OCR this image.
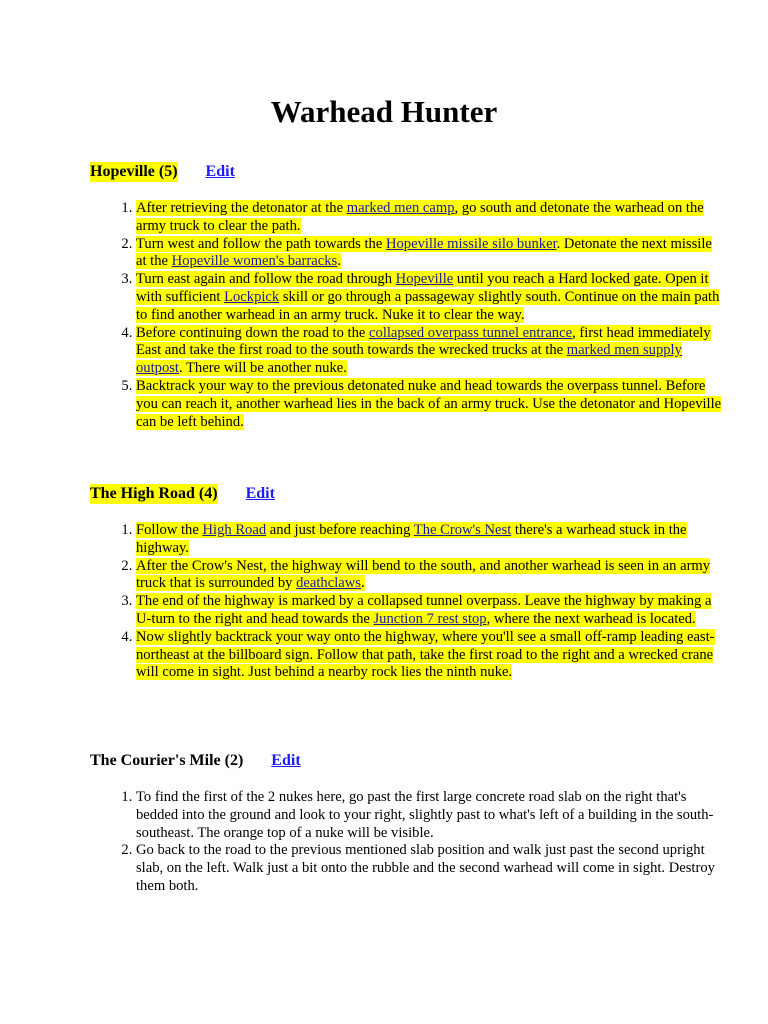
Warhead Hunter
Hopeville (5) Edit
1. After retrieving the detonator at the marked men camp, go south and detonate the warhead on the army truck to clear the path.
2. Turn west and follow the path towards the Hopeville missile silo bunker. Detonate the next missile at the Hopeville women's barracks.
3. Turn east again and follow the road through Hopeville until you reach a Hard locked gate. Open it with sufficient Lockpick skill or go through a passageway slightly south. Continue on the main path to find another warhead in an army truck. Nuke it to clear the way.
4. Before continuing down the road to the collapsed overpass tunnel entrance, first head immediately East and take the first road to the south towards the wrecked trucks at the marked men supply outpost. There will be another nuke.
5. Backtrack your way to the previous detonated nuke and head towards the overpass tunnel. Before you can reach it, another warhead lies in the back of an army truck. Use the detonator and Hopeville can be left behind.
The High Road (4) Edit
1. Follow the High Road and just before reaching The Crow's Nest there's a warhead stuck in the highway.
2. After the Crow's Nest, the highway will bend to the south, and another warhead is seen in an army truck that is surrounded by deathclaws.
3. The end of the highway is marked by a collapsed tunnel overpass. Leave the highway by making a U-turn to the right and head towards the Junction 7 rest stop, where the next warhead is located.
4. Now slightly backtrack your way onto the highway, where you'll see a small off-ramp leading east-northeast at the billboard sign. Follow that path, take the first road to the right and a wrecked crane will come in sight. Just behind a nearby rock lies the ninth nuke.
The Courier's Mile (2) Edit
1. To find the first of the 2 nukes here, go past the first large concrete road slab on the right that's bedded into the ground and look to your right, slightly past to what's left of a building in the south-southeast. The orange top of a nuke will be visible.
2. Go back to the road to the previous mentioned slab position and walk just past the second upright slab, on the left. Walk just a bit onto the rubble and the second warhead will come in sight. Destroy them both.
